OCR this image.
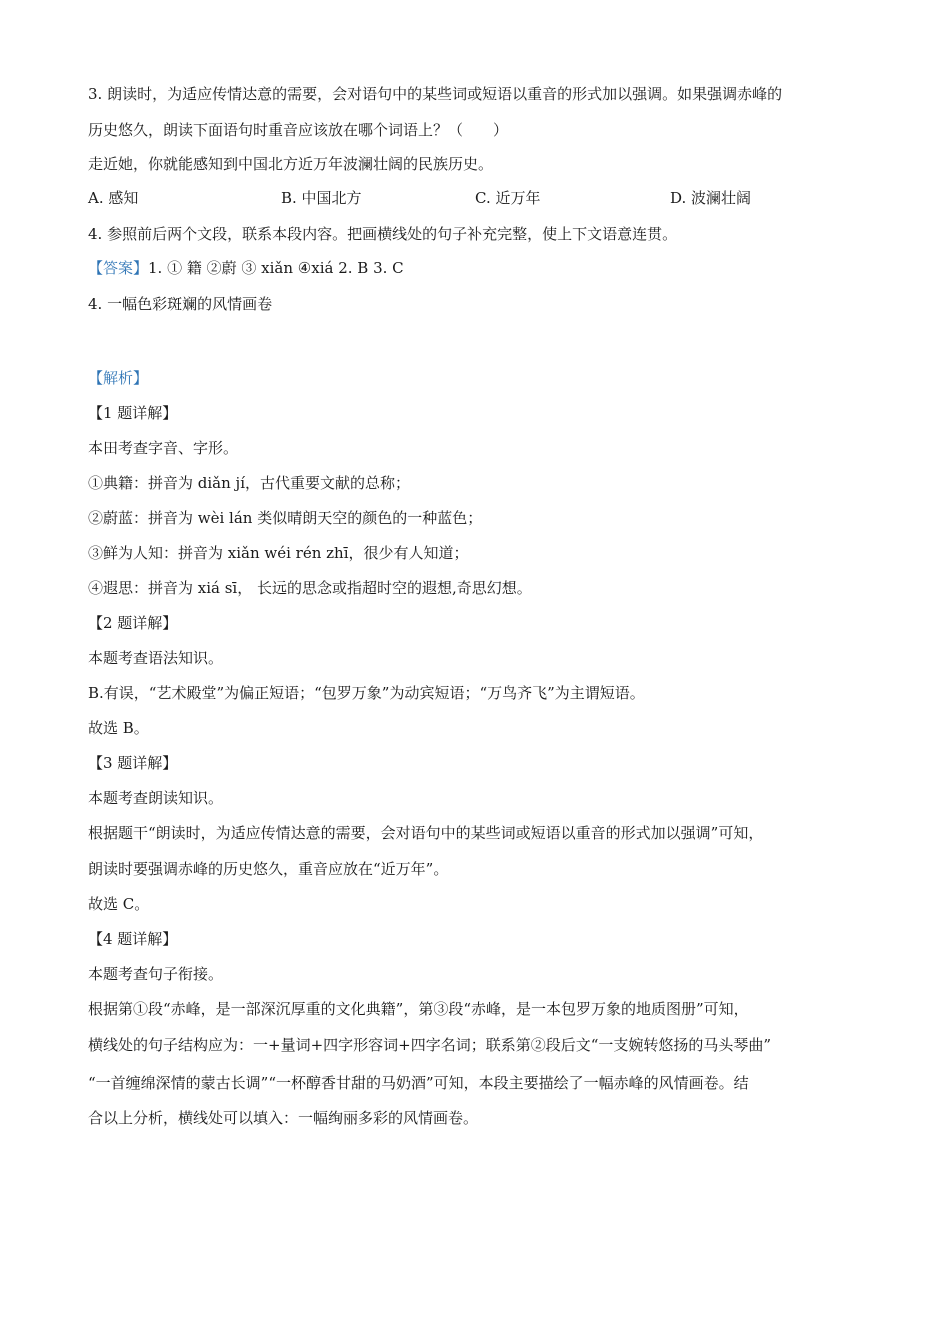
3. 朗读时，为适应传情达意的需要，会对语句中的某些词或短语以重音的形式加以强调。如果强调赤峰的
历史悠久，朗读下面语句时重音应该放在哪个词语上？（　　）
走近她，你就能感知到中国北方近万年波澜壮阔的民族历史。
A. 感知	B. 中国北方	C. 近万年	D. 波澜壮阔
4. 参照前后两个文段，联系本段内容。把画横线处的句子补充完整，使上下文语意连贯。
【答案】1. ① 籍 ②蔚 ③ xiǎn ④xiá 2. B 3. C
4. 一幅色彩斑斓的风情画卷
【解析】
【1 题详解】
本田考查字音、字形。
①典籍：拼音为 diǎn jí，古代重要文献的总称；
②蔚蓝：拼音为 wèi lán 类似晴朗天空的颜色的一种蓝色；
③鲜为人知：拼音为 xiǎn wéi rén zhī，很少有人知道；
④遐思：拼音为 xiá sī， 长远的思念或指超时空的遐想,奇思幻想。
【2 题详解】
本题考查语法知识。
B.有误，“艺术殿堂”为偏正短语；“包罗万象”为动宾短语；“万鸟齐飞”为主谓短语。
故选 B。
【3 题详解】
本题考查朗读知识。
根据题干“朗读时，为适应传情达意的需要，会对语句中的某些词或短语以重音的形式加以强调”可知，
朗读时要强调赤峰的历史悠久，重音应放在“近万年”。
故选 C。
【4 题详解】
本题考查句子衔接。
根据第①段“赤峰，是一部深沉厚重的文化典籍”，第③段“赤峰，是一本包罗万象的地质图册”可知，
横线处的句子结构应为：一+量词+四字形容词+四字名词；联系第②段后文“一支婉转悠扬的马头琴曲”
“一首缠绵深情的蒙古长调”“一杯醇香甘甜的马奶酒”可知，本段主要描绘了一幅赤峰的风情画卷。结
合以上分析，横线处可以填入：一幅绚丽多彩的风情画卷。
